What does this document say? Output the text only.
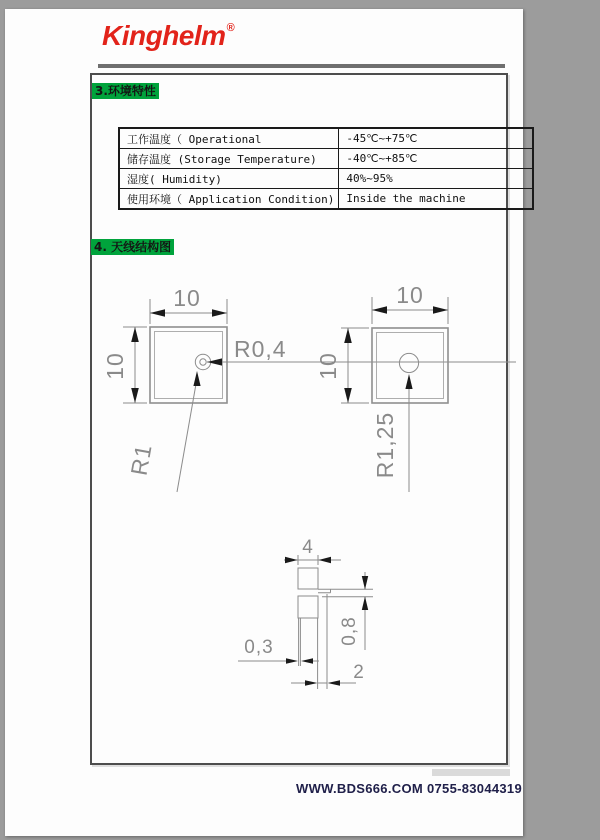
Kinghelm®
3.环境特性
工作温度（ Operational	-45℃~+75℃
储存温度 (Storage Temperature)	-40℃~+85℃
湿度( Humidity)	40%~95%
使用环境（ Application Condition)	Inside the machine
4. 天线结构图
10
10
R0,4
R1
10
10
R1,25
4
0,8
0,3
2
WWW.BDS666.COM 0755-83044319
